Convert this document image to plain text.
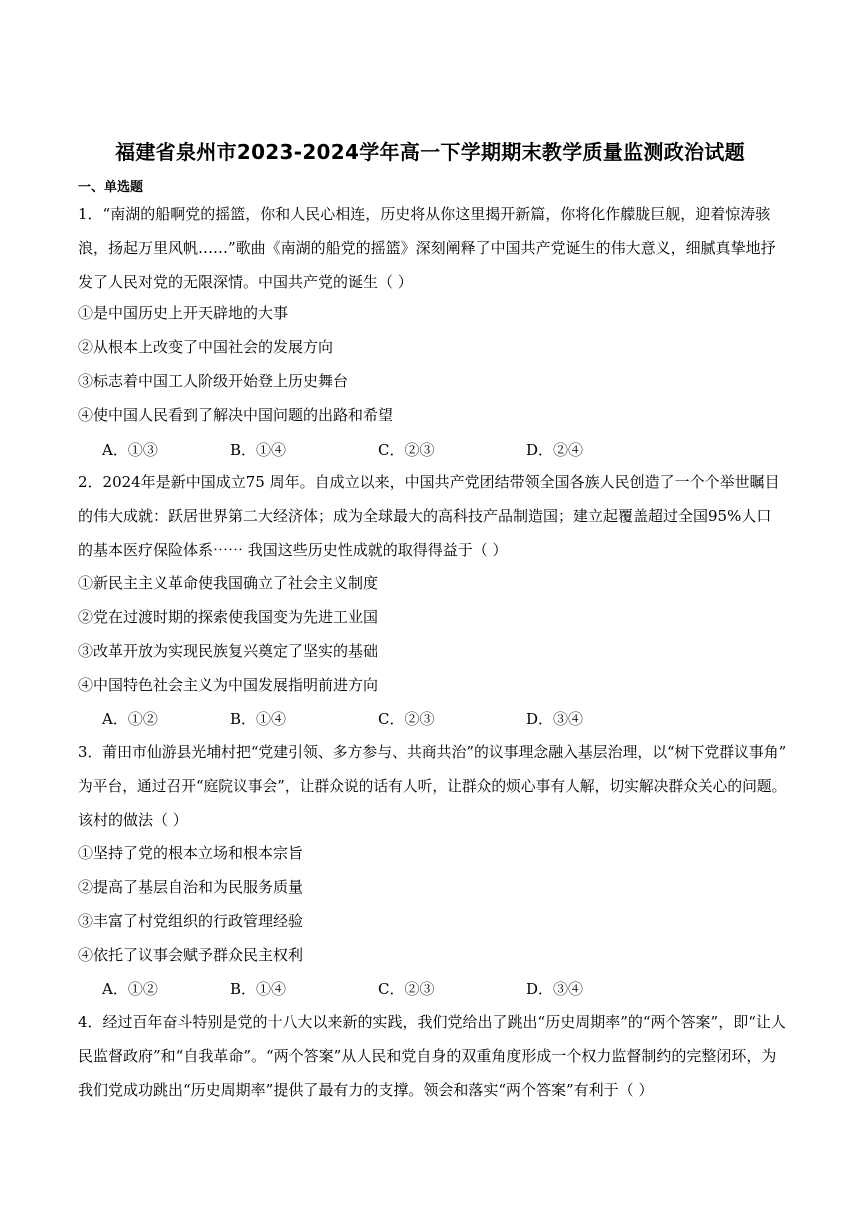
福建省泉州市2023-2024学年高一下学期期末教学质量监测政治试题
一、单选题
1．“南湖的船啊党的摇篮，你和人民心相连，历史将从你这里揭开新篇，你将化作艨胧巨舰，迎着惊涛骇
浪，扬起万里风帆……”歌曲《南湖的船党的摇篮》深刻阐释了中国共产党诞生的伟大意义，细腻真挚地抒
发了人民对党的无限深情。中国共产党的诞生（ ）
①是中国历史上开天辟地的大事
②从根本上改变了中国社会的发展方向
③标志着中国工人阶级开始登上历史舞台
④使中国人民看到了解决中国问题的出路和希望
A．①③	B．①④	C．②③	D．②④
2．2024年是新中国成立75 周年。自成立以来，中国共产党团结带领全国各族人民创造了一个个举世瞩目
的伟大成就：跃居世界第二大经济体；成为全球最大的高科技产品制造国；建立起覆盖超过全国95%人口
的基本医疗保险体系⋯⋯ 我国这些历史性成就的取得得益于（ ）
①新民主主义革命使我国确立了社会主义制度
②党在过渡时期的探索使我国变为先进工业国
③改革开放为实现民族复兴奠定了坚实的基础
④中国特色社会主义为中国发展指明前进方向
A．①②	B．①④	C．②③	D．③④
3．莆田市仙游县光埔村把“党建引领、多方参与、共商共治”的议事理念融入基层治理，以“树下党群议事角”
为平台，通过召开“庭院议事会”，让群众说的话有人听，让群众的烦心事有人解，切实解决群众关心的问题。
该村的做法（ ）
①坚持了党的根本立场和根本宗旨
②提高了基层自治和为民服务质量
③丰富了村党组织的行政管理经验
④依托了议事会赋予群众民主权利
A．①②	B．①④	C．②③	D．③④
4．经过百年奋斗特别是党的十八大以来新的实践，我们党给出了跳出“历史周期率”的“两个答案”，即“让人
民监督政府”和“自我革命”。“两个答案”从人民和党自身的双重角度形成一个权力监督制约的完整闭环，为
我们党成功跳出“历史周期率”提供了最有力的支撑。领会和落实“两个答案”有利于（ ）
